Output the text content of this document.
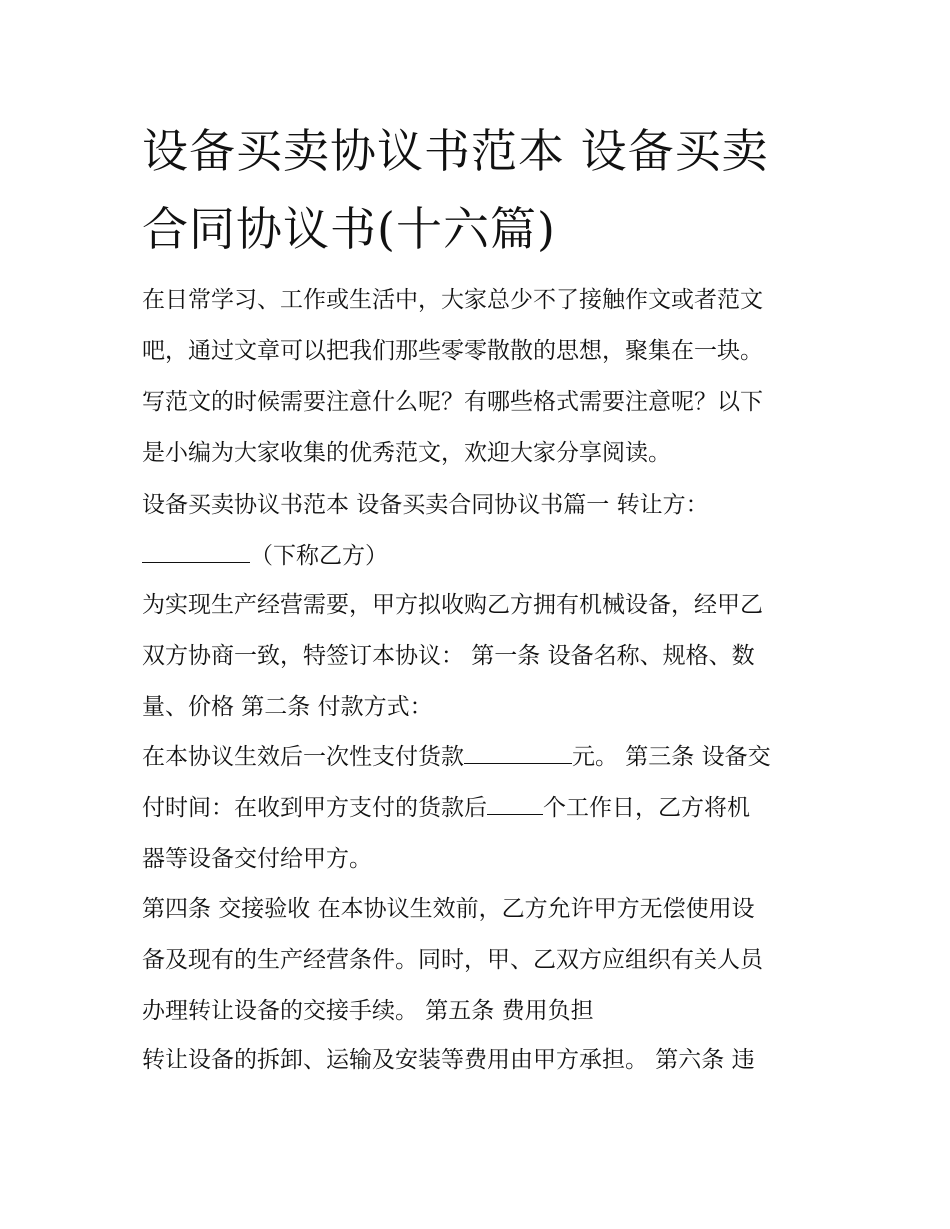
设备买卖协议书范本 设备买卖
合同协议书(十六篇)
在日常学习、工作或生活中，大家总少不了接触作文或者范文
吧，通过文章可以把我们那些零零散散的思想，聚集在一块。
写范文的时候需要注意什么呢？有哪些格式需要注意呢？以下
是小编为大家收集的优秀范文，欢迎大家分享阅读。
设备买卖协议书范本 设备买卖合同协议书篇一 转让方：
（下称乙方）
为实现生产经营需要，甲方拟收购乙方拥有机械设备，经甲乙
双方协商一致，特签订本协议： 第一条 设备名称、规格、数
量、价格 第二条 付款方式：
在本协议生效后一次性支付货款	元。 第三条 设备交
付时间：在收到甲方支付的货款后 个工作日，乙方将机
器等设备交付给甲方。
第四条 交接验收 在本协议生效前，乙方允许甲方无偿使用设
备及现有的生产经营条件。同时，甲、乙双方应组织有关人员
办理转让设备的交接手续。 第五条 费用负担
转让设备的拆卸、运输及安装等费用由甲方承担。 第六条 违
